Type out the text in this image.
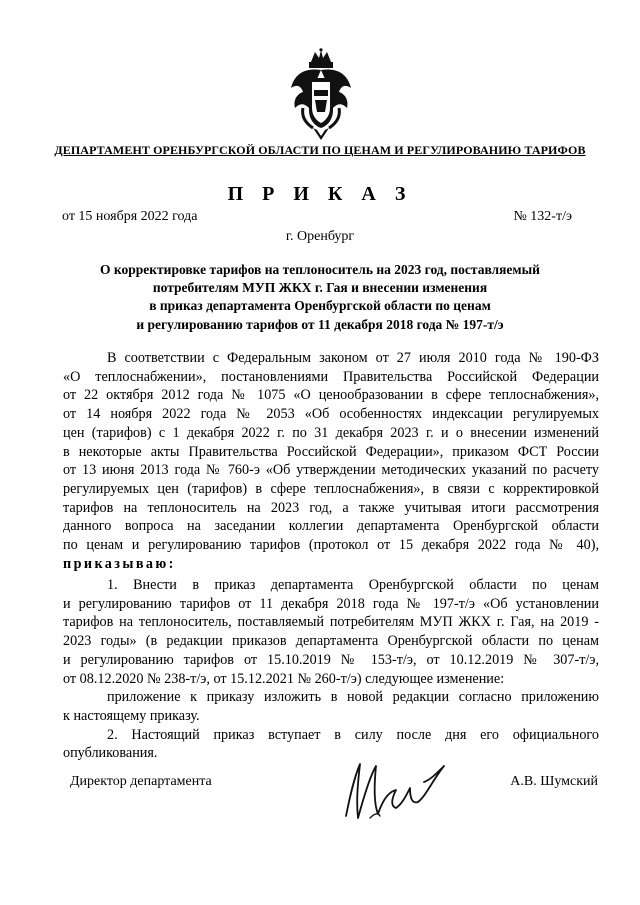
ДЕПАРТАМЕНТ ОРЕНБУРГСКОЙ ОБЛАСТИ ПО ЦЕНАМ И РЕГУЛИРОВАНИЮ ТАРИФОВ
П Р И К А З
от 15 ноября 2022 года	№ 132-т/э
г. Оренбург
О корректировке тарифов на теплоноситель на 2023 год, поставляемый
потребителям МУП ЖКХ г. Гая и внесении изменения
в приказ департамента Оренбургской области по ценам
и регулированию тарифов от 11 декабря 2018 года № 197-т/э
В соответствии с Федеральным законом от 27 июля 2010 года № 190-ФЗ
«О теплоснабжении», постановлениями Правительства Российской Федерации
от 22 октября 2012 года № 1075 «О ценообразовании в сфере теплоснабжения»,
от 14 ноября 2022 года № 2053 «Об особенностях индексации регулируемых
цен (тарифов) с 1 декабря 2022 г. по 31 декабря 2023 г. и о внесении изменений
в некоторые акты Правительства Российской Федерации», приказом ФСТ России
от 13 июня 2013 года № 760-э «Об утверждении методических указаний по расчету
регулируемых цен (тарифов) в сфере теплоснабжения», в связи с корректировкой
тарифов на теплоноситель на 2023 год, а также учитывая итоги рассмотрения
данного вопроса на заседании коллегии департамента Оренбургской области
по ценам и регулированию тарифов (протокол от 15 декабря 2022 года № 40),
приказываю:
1. Внести в приказ департамента Оренбургской области по ценам
и регулированию тарифов от 11 декабря 2018 года № 197-т/э «Об установлении
тарифов на теплоноситель, поставляемый потребителям МУП ЖКХ г. Гая, на 2019 -
2023 годы» (в редакции приказов департамента Оренбургской области по ценам
и регулированию тарифов от 15.10.2019 № 153-т/э, от 10.12.2019 № 307-т/э,
от 08.12.2020 № 238-т/э, от 15.12.2021 № 260-т/э) следующее изменение:
приложение к приказу изложить в новой редакции согласно приложению
к настоящему приказу.
2. Настоящий приказ вступает в силу после дня его официального
опубликования.
Директор департамента	А.В. Шумский
